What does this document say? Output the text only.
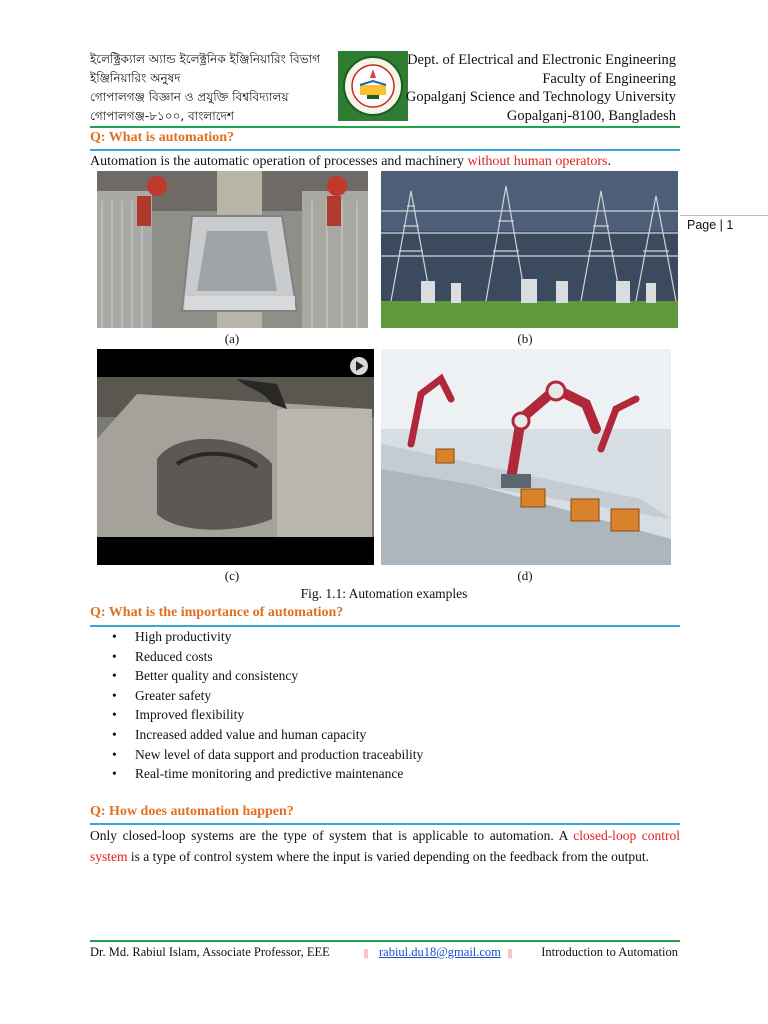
ইলেক্ট্রিক্যাল অ্যান্ড ইলেক্ট্রনিক ইঞ্জিনিয়ারিং বিভাগ
ইঞ্জিনিয়ারিং অনুষদ
গোপালগঞ্জ বিজ্ঞান ও প্রযুক্তি বিশ্ববিদ্যালয়
গোপালগঞ্জ-৮১০০, বাংলাদেশ
Dept. of Electrical and Electronic Engineering
Faculty of Engineering
Gopalganj Science and Technology University
Gopalganj-8100, Bangladesh
Page | 1
Q: What is automation?
Automation is the automatic operation of processes and machinery without human operators.
(a)	(b)
(c)	(d)
Fig. 1.1: Automation examples
Q: What is the importance of automation?
• High productivity
• Reduced costs
• Better quality and consistency
• Greater safety
• Improved flexibility
• Increased added value and human capacity
• New level of data support and production traceability
• Real-time monitoring and predictive maintenance
Q: How does automation happen?
Only closed-loop systems are the type of system that is applicable to automation. A closed-loop control system is a type of control system where the input is varied depending on the feedback from the output.
Dr. Md. Rabiul Islam, Associate Professor, EEE	|| rabiul.du18@gmail.com || Introduction to Automation
